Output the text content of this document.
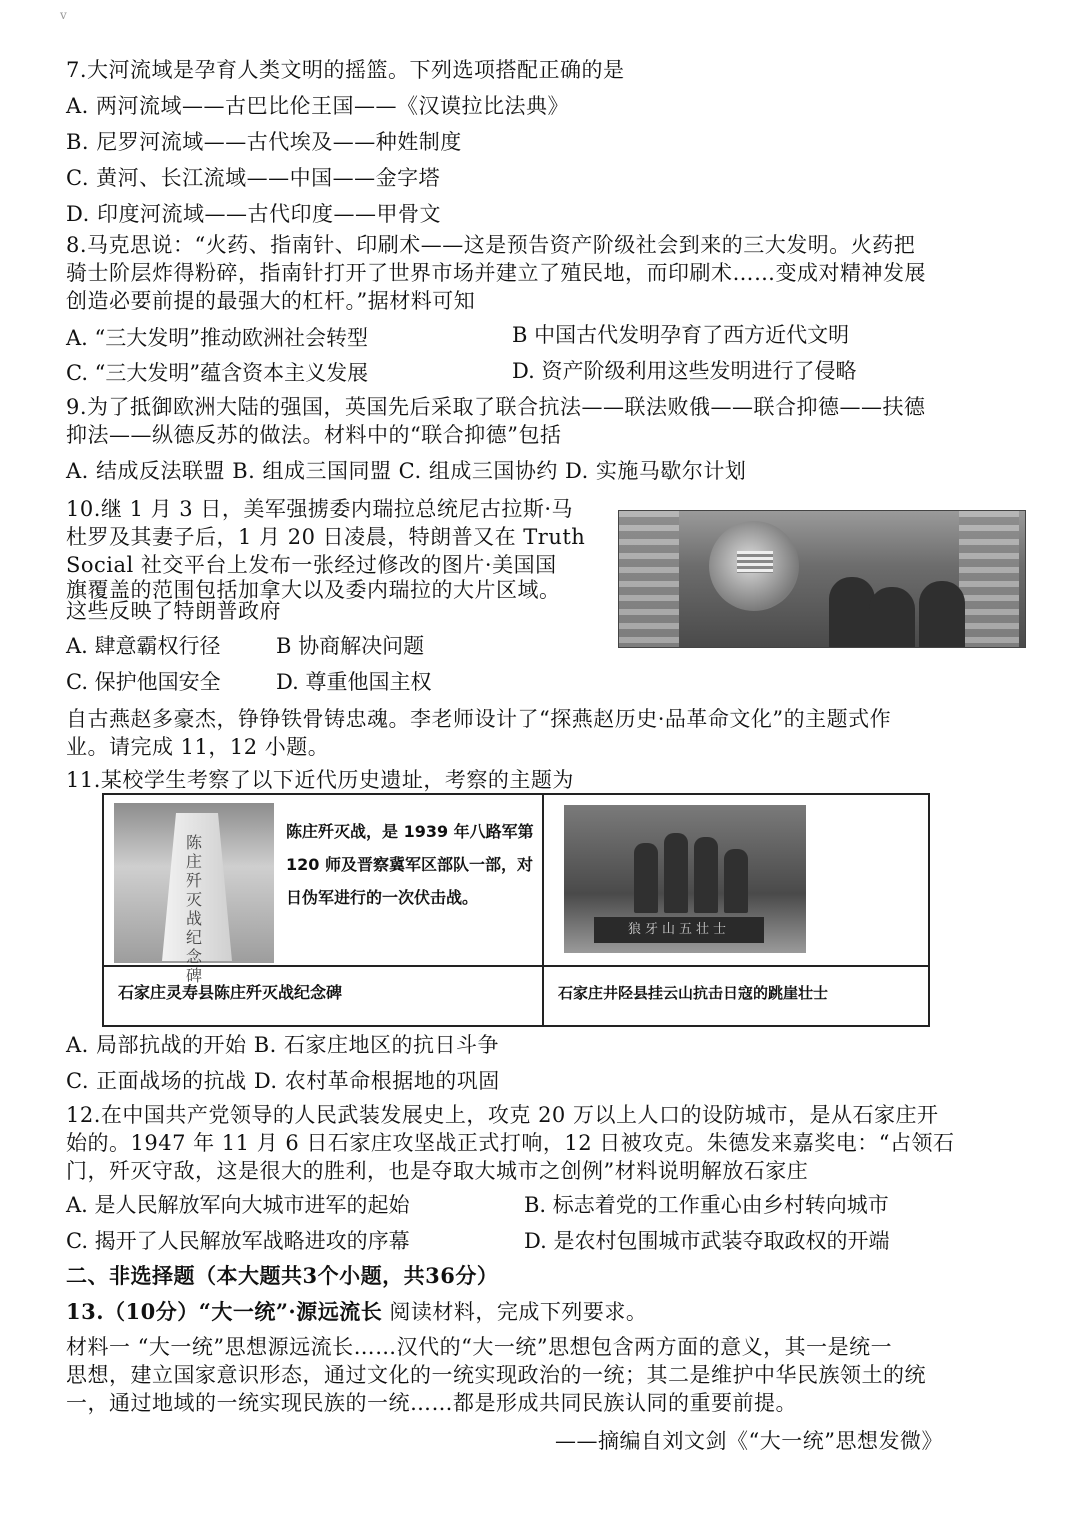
v
7.大河流域是孕育人类文明的摇篮。下列选项搭配正确的是
A. 两河流域——古巴比伦王国——《汉谟拉比法典》
B. 尼罗河流域——古代埃及——种姓制度
C. 黄河、长江流域——中国——金字塔
D. 印度河流域——古代印度——甲骨文
8.马克思说：“火药、指南针、印刷术——这是预告资产阶级社会到来的三大发明。火药把
骑士阶层炸得粉碎，指南针打开了世界市场并建立了殖民地，而印刷术……变成对精神发展
创造必要前提的最强大的杠杆。”据材料可知
A. “三大发明”推动欧洲社会转型	B 中国古代发明孕育了西方近代文明
C. “三大发明”蕴含资本主义发展	D. 资产阶级利用这些发明进行了侵略
9.为了抵御欧洲大陆的强国，英国先后采取了联合抗法——联法败俄——联合抑德——扶德
抑法——纵德反苏的做法。材料中的“联合抑德”包括
A. 结成反法联盟 B. 组成三国同盟 C. 组成三国协约 D. 实施马歇尔计划
10.继 1 月 3 日，美军强掳委内瑞拉总统尼古拉斯·马
杜罗及其妻子后，1 月 20 日凌晨，特朗普又在 Truth
Social 社交平台上发布一张经过修改的图片·美国国
旗覆盖的范围包括加拿大以及委内瑞拉的大片区域。
这些反映了特朗普政府
A. 肆意霸权行径	B 协商解决问题
C. 保护他国安全	D. 尊重他国主权
自古燕赵多豪杰，铮铮铁骨铸忠魂。李老师设计了“探燕赵历史·品革命文化”的主题式作
业。请完成 11，12 小题。
11.某校学生考察了以下近代历史遗址，考察的主题为
陈庄歼灭战纪念碑
陈庄歼灭战，是 1939 年八路军第 120 师及晋察冀军区部队一部，对日伪军进行的一次伏击战。	狼牙山五壮士

石家庄灵寿县陈庄歼灭战纪念碑	石家庄井陉县挂云山抗击日寇的跳崖壮士
A. 局部抗战的开始 B. 石家庄地区的抗日斗争
C. 正面战场的抗战 D. 农村革命根据地的巩固
12.在中国共产党领导的人民武装发展史上，攻克 20 万以上人口的设防城市，是从石家庄开
始的。1947 年 11 月 6 日石家庄攻坚战正式打响，12 日被攻克。朱德发来嘉奖电：“占领石
门，歼灭守敌，这是很大的胜利，也是夺取大城市之创例”材料说明解放石家庄
A. 是人民解放军向大城市进军的起始	B. 标志着党的工作重心由乡村转向城市
C. 揭开了人民解放军战略进攻的序幕	D. 是农村包围城市武装夺取政权的开端
二、非选择题（本大题共3个小题，共36分）
13.（10分）“大一统”·源远流长 阅读材料，完成下列要求。
材料一 “大一统”思想源远流长……汉代的“大一统”思想包含两方面的意义，其一是统一
思想，建立国家意识形态，通过文化的一统实现政治的一统；其二是维护中华民族领土的统
一，通过地域的一统实现民族的一统……都是形成共同民族认同的重要前提。
——摘编自刘文剑《“大一统”思想发微》
